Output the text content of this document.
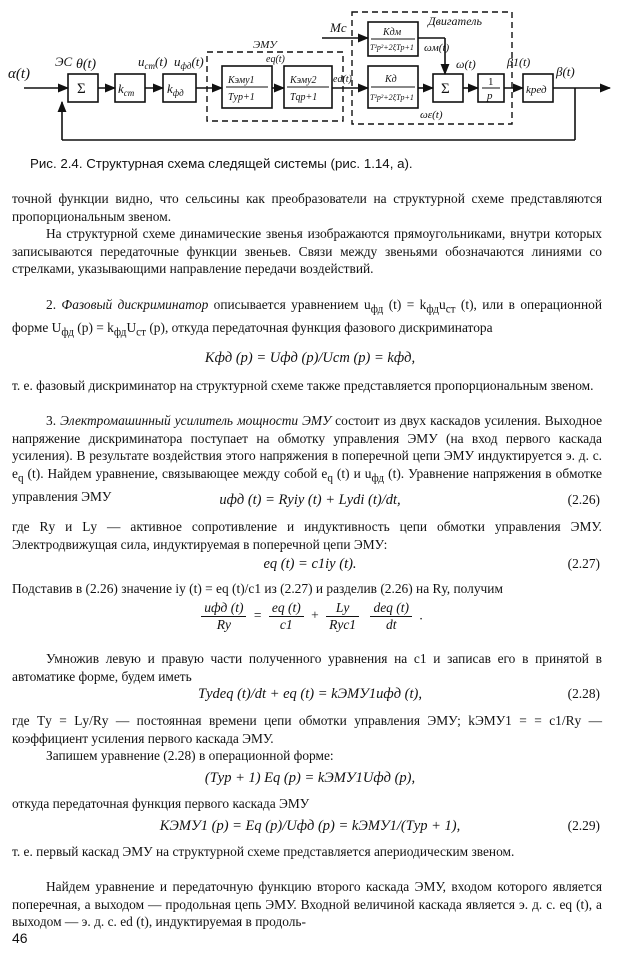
α(t)
ЭС θ(t)
Σ $k_{ст}$	$k_{фд}$
$u_{ст}(t)$ $u_{фд}(t)$
ЭМУ
Kэму1
Tуp+1
Kэму2
Tqp+1
eq(t)
ed(t)
Mc	Двигатель
Kдм
T²p²+2ξTp+1
Kд
T²p²+2ξTp+1
ωм(t)
ωε(t)
ω(t)
Σ	1
p
β1(t)
kред
β(t)
Рис. 2.4. Структурная схема следящей системы (рис. 1.14, а).
точной функции видно, что сельсины как преобразователи на структурной схеме представляются пропорциональным звеном.
На структурной схеме динамические звенья изображаются прямоугольниками, внутри которых записываются передаточные функции звеньев. Связи между звеньями обозначаются линиями со стрелками, указывающими направление передачи воздействий.
2. Фазовый дискриминатор описывается уравнением $u_{фд}$ $(t) = k_{фд}u_{ст}$ (t), или в операционной форме $U_{фд}$ $(p) = k_{фд}U_{ст}$ (p), откуда передаточная функция фазового дискриминатора
Kфд (p) = Uфд (p)/Uст (p) = kфд,
т. е. фазовый дискриминатор на структурной схеме также представляется пропорциональным звеном.
3. Электромашинный усилитель мощности ЭМУ состоит из двух каскадов усиления. Выходное напряжение дискриминатора поступает на обмотку управления ЭМУ (на вход первого каскада усиления). В результате воздействия этого напряжения в поперечной цепи ЭМУ индуктируется э. д. с. $e_q$ (t). Найдем уравнение, связывающее между собой $e_q$ (t) и $u_{фд}$ (t). Уравнение напряжения в обмотке управления ЭМУ	uфд (t) = Rуiу (t) + Lуdi (t)/dt,	(2.26)
где Rу и Lу — активное сопротивление и индуктивность цепи обмотки управления ЭМУ. Электродвижущая сила, индуктируемая в поперечной цепи ЭМУ:
eq (t) = c1iу (t).	(2.27)
Подставив в (2.26) значение iу (t) = eq (t)/c1 из (2.27) и разделив (2.26) на Rу, получим
$\frac{\text{uфд (t)}}{Rу} = \frac{eq (t)}{c1} + \frac{Lу}{\text{Rуc1}}$
$\frac{\text{deq (t)}}{dt}$ .
Умножив левую и правую части полученного уравнения на c1 и записав его в принятой в автоматике форме, будем иметь
Tуdeq (t)/dt + eq (t) = kЭМУ1uфд (t),	(2.28)
где Tу = Lу/Rу — постоянная времени цепи обмотки управления ЭМУ; kЭМУ1 = = c1/Rу — коэффициент усиления первого каскада ЭМУ.
Запишем уравнение (2.28) в операционной форме:
(Tуp + 1) Eq (p) = kЭМУ1Uфд (p),
откуда передаточная функция первого каскада ЭМУ
KЭМУ1 (p) = Eq (p)/Uфд (p) = kЭМУ1/(Tуp + 1),	(2.29)
т. е. первый каскад ЭМУ на структурной схеме представляется апериодическим звеном.
Найдем уравнение и передаточную функцию второго каскада ЭМУ, входом которого является поперечная, а выходом — продольная цепь ЭМУ. Входной величиной каскада является э. д. с. eq (t), а выходом — э. д. с. ed (t), индуктируемая в продоль-
46
